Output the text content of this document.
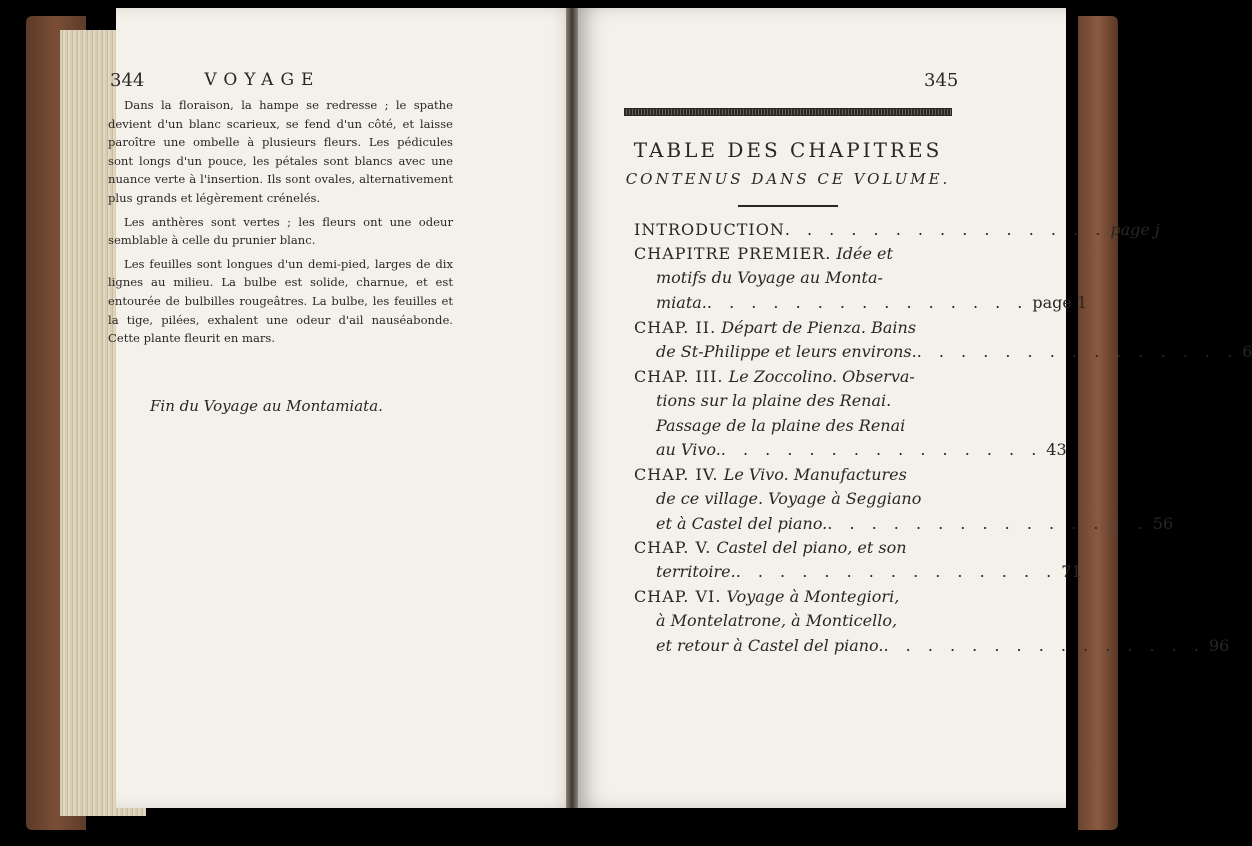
344	VOYAGE

Dans la floraison, la hampe se redresse ; le spathe devient d'un blanc scarieux, se fend d'un côté, et laisse paroître une ombelle à plusieurs fleurs. Les pédicules sont longs d'un pouce, les pétales sont blancs avec une nuance verte à l'insertion. Ils sont ovales, alternativement plus grands et légèrement crénelés.

Les anthères sont vertes ; les fleurs ont une odeur semblable à celle du prunier blanc.

Les feuilles sont longues d'un demi-pied, larges de dix lignes au milieu. La bulbe est solide, charnue, et est entourée de bulbilles rougeâtres. La bulbe, les feuilles et la tige, pilées, exhalent une odeur d'ail nauséabonde. Cette plante fleurit en mars.

Fin du Voyage au Montamiata.
345
TABLE DES CHAPITRES
CONTENUS DANS CE VOLUME.
INTRODUCTION . . . . . . . . . . . . . . . page j
CHAPITRE PREMIER. Idée et
motifs du Voyage au Monta-
miata. . . . . . . . . . . . . . . . page 1
CHAP. II. Départ de Pienza. Bains
de St-Philippe et leurs environs. . . . . . . . . . . . . . . . 6
CHAP. III. Le Zoccolino. Observa-
tions sur la plaine des Renai.
Passage de la plaine des Renai
au Vivo. . . . . . . . . . . . . . . . 43
CHAP. IV. Le Vivo. Manufactures
de ce village. Voyage à Seggiano
et à Castel del piano. . . . . . . . . . . . . . . . 56
CHAP. V. Castel del piano, et son
territoire. . . . . . . . . . . . . . . . 71
CHAP. VI. Voyage à Montegiori,
à Montelatrone, à Monticello,
et retour à Castel del piano. . . . . . . . . . . . . . . . 96
